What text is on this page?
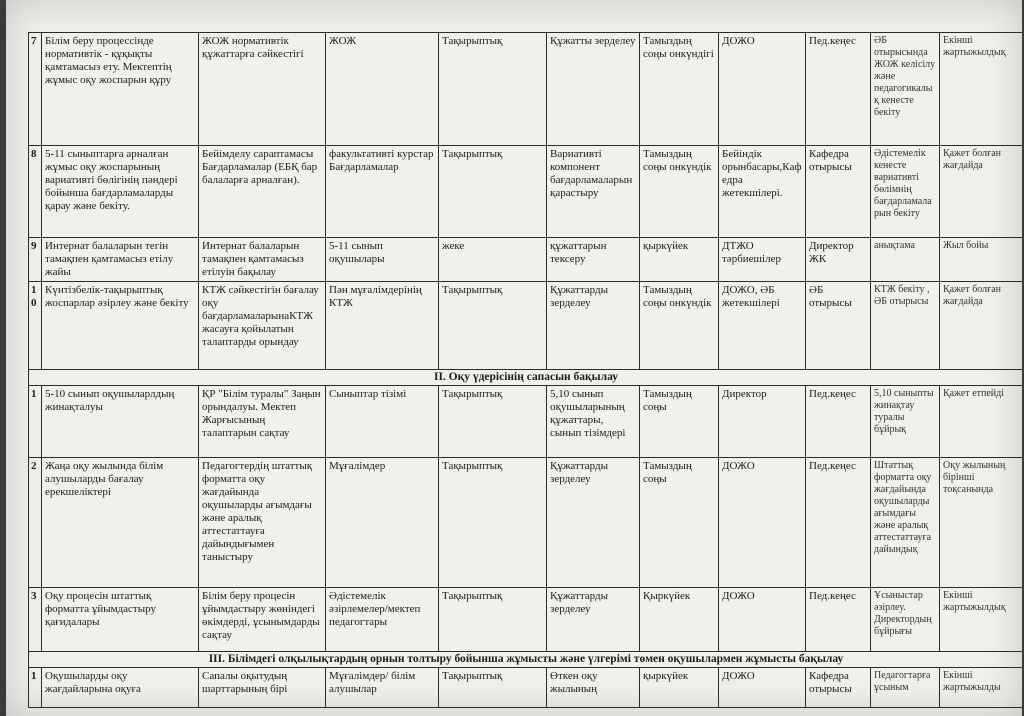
7	Білім беру процессінде нормативтік - құқықты қамтамасыз ету. Мектептің жұмыс оқу жоспарын құру	ЖОЖ нормативтік құжаттарға сәйкестігі	ЖОЖ	Тақырыптық	Құжатты зерделеу	Тамыздың соңы онкүндігі	ДОЖО	Пед.кеңес	ӘБ отырысында ЖОЖ келісілу және педагогикалық кенесте бекіту	Екінші жартыжылдық
8	5-11 сыныптарға арналған жұмыс оқу жоспарының вариативті бөлігінің пәндері бойынша бағдарламаларды қарау және бекіту.	Бейімделу сараптамасы Бағдарламалар (ЕБҚ бар балаларға арналған).	факультативті курстар Бағдарламалар	Тақырыптық	Вариативті компонент бағдарламаларын қарастыру	Тамыздың соңы онкүндік	Бейіндік орынбасары,Кафедра жетекшілері.	Кафедра отырысы	Әдістемелік кенесте вариативті бөлімнің бағдарламаларын бекіту	Қажет болған жағдайда
9	Интернат балаларын тегін тамақпен қамтамасыз етілу жайы	Интернат балаларын тамақпен қамтамасыз етілуін бақылау	5-11 сынып оқушылары	жеке	құжаттарын тексеру	қыркүйек	ДТЖО тәрбиешілер	Директор ЖК	анықтама	Жыл бойы
10	Күнтізбелік-тақырыптық жоспарлар әзірлеу және бекіту	КТЖ сәйкестігін бағалау оқу бағдарламаларынаКТЖ жасауға қойылатын талаптарды орындау	Пән мұғалімдерінің КТЖ	Тақырыптық	Құжаттарды зерделеу	Тамыздың соңы онкүндік	ДОЖО, ӘБ жетекшілері	ӘБ отырысы	КТЖ бекіту , ӘБ отырысы	Қажет болған жағдайда
ІІ. Оқу үдерісінің сапасын бақылау										
1	5-10 сынып оқушыларлдың жинақталуы	ҚР "Білім туралы" Заңын орындалуы. Мектеп Жарғысының талаптарын сақтау	Сыныптар тізімі	Тақырыптық	5,10 сынып оқушыларының құжаттары, сынып тізімдері	Тамыздың соңы	Директор	Пед.кеңес	5,10 сыныпты жинақтау туралы бұйрық	Қажет етпейді
2	Жаңа оқу жылында білім алушыларды бағалау ерекшеліктері	Педагогтердің штаттық форматта оқу жағдайында оқушыларды ағымдағы және аралық аттестаттауға дайындығымен таныстыру	Мұғалімдер	Тақырыптық	Құжаттарды зерделеу	Тамыздың соңы	ДОЖО	Пед.кеңес	Штаттық форматта оқу жағдайында оқушыларды ағымдағы және аралық аттестаттауға дайындық	Оқу жылының бірінші тоқсанында
3	Оқу процесін штаттық форматта ұйымдастыру қағидалары	Білім беру процесін ұйымдастыру жөніндегі өкімдерді, ұсынымдарды сақтау	Әдістемелік әзірлемелер/мектеп педагогтары	Тақырыптық	Құжаттарды зерделеу	Қыркүйек	ДОЖО	Пед.кеңес	Ұсыныстар әзірлеу. Директордың бұйрығы	Екінші жартыжылдық
III. Білімдегі олқылықтардың орнын толтыру бойынша жұмысты және үлгерімі төмен оқушылармен жұмысты бақылау										
1	Оқушыларды оқу жағдайларына оқуға	Сапалы оқытудың шарттарының бірі	Мұғалімдер/ білім алушылар	Тақырыптық	Өткен оқу жылының	қыркүйек	ДОЖО	Кафедра отырысы	Педагогтарға ұсыным	Екінші жартыжылды
